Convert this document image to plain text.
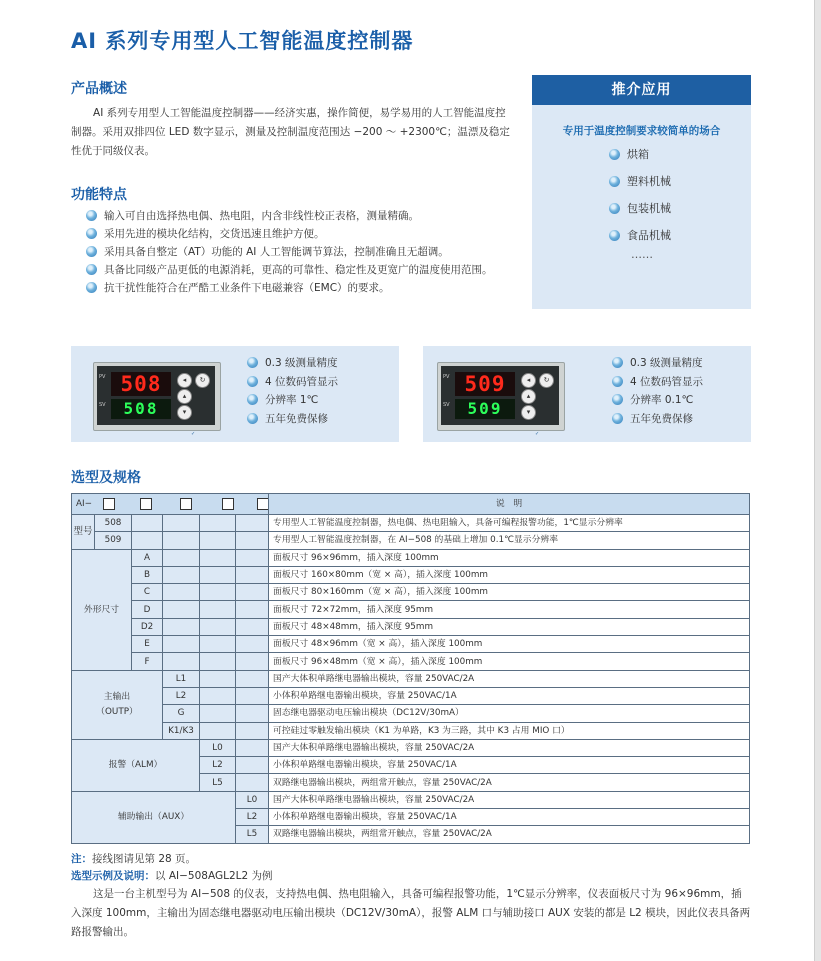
AI 系列专用型人工智能温度控制器
产品概述
AI 系列专用型人工智能温度控制器——经济实惠，操作简便，易学易用的人工智能温度控制器。采用双排四位 LED 数字显示，测量及控制温度范围达 −200 ～ +2300℃；温漂及稳定性优于同级仪表。
功能特点
输入可自由选择热电偶、热电阻，内含非线性校正表格，测量精确。
采用先进的模块化结构，交货迅速且维护方便。
采用具备自整定（AT）功能的 AI 人工智能调节算法，控制准确且无超调。
具备比同级产品更低的电源消耗，更高的可靠性、稳定性及更宽广的温度使用范围。
抗干扰性能符合在严酷工业条件下电磁兼容（EMC）的要求。
推介应用
专用于温度控制要求较简单的场合
烘箱
塑料机械
包装机械
食品机械
……
PV
SV
508
508
◂	↻
▴
▾
✓
0.3 级测量精度
4 位数码管显示
分辨率 1℃
五年免费保修
PV
SV
509
509
◂	↻
▴
▾
✓
0.3 级测量精度
4 位数码管显示
分辨率 0.1℃
五年免费保修
选型及规格
AI−						说　明
型号	508					专用型人工智能温度控制器，热电偶、热电阻输入，具备可编程报警功能，1℃显示分辨率
	509					专用型人工智能温度控制器，在 AI−508 的基础上增加 0.1℃显示分辨率
外形尺寸		A				面板尺寸 96×96mm，插入深度 100mm
		B				面板尺寸 160×80mm（宽 × 高），插入深度 100mm
		C				面板尺寸 80×160mm（宽 × 高），插入深度 100mm
		D				面板尺寸 72×72mm，插入深度 95mm
		D2				面板尺寸 48×48mm，插入深度 95mm
		E				面板尺寸 48×96mm（宽 × 高），插入深度 100mm
		F				面板尺寸 96×48mm（宽 × 高），插入深度 100mm
主输出
（OUTP）			L1			国产大体积单路继电器输出模块，容量 250VAC/2A
			L2			小体积单路继电器输出模块，容量 250VAC/1A
			G			固态继电器驱动电压输出模块（DC12V/30mA）
			K1/K3			可控硅过零触发输出模块（K1 为单路，K3 为三路，其中 K3 占用 MIO 口）
报警（ALM）				L0		国产大体积单路继电器输出模块，容量 250VAC/2A
				L2		小体积单路继电器输出模块，容量 250VAC/1A
				L5		双路继电器输出模块，两组常开触点，容量 250VAC/2A
辅助输出（AUX）					L0	国产大体积单路继电器输出模块，容量 250VAC/2A
					L2	小体积单路继电器输出模块，容量 250VAC/1A
					L5	双路继电器输出模块，两组常开触点，容量 250VAC/2A
注：接线图请见第 28 页。
选型示例及说明：以 AI−508AGL2L2 为例
这是一台主机型号为 AI−508 的仪表，支持热电偶、热电阻输入，具备可编程报警功能，1℃显示分辨率，仪表面板尺寸为 96×96mm，插入深度 100mm，主输出为固态继电器驱动电压输出模块（DC12V/30mA），报警 ALM 口与辅助接口 AUX 安装的都是 L2 模块，因此仪表具备两路报警输出。
